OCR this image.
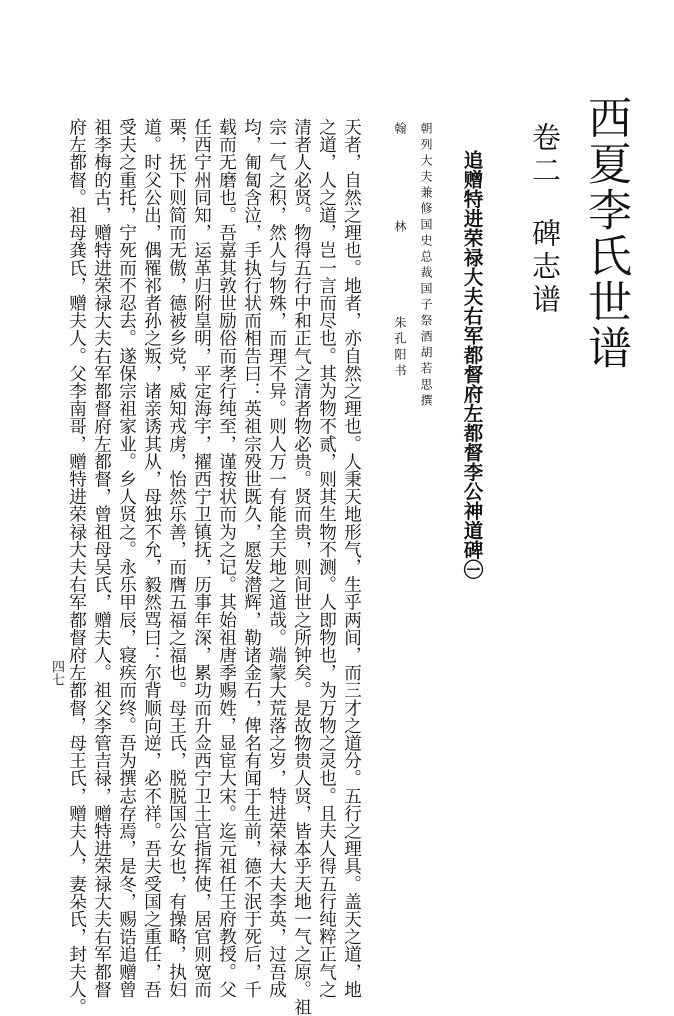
西夏李氏世谱
卷二碑志谱
追赠特进荣禄大夫右军都督府左都督李公神道碑㊀
朝列大夫兼修国史总裁国子祭酒胡若思撰
翰林朱孔阳书
天者，自然之理也。地者，亦自然之理也。人秉天地形气，生乎两间，而三才之道分。五行之理具。盖天之道，地
之道，人之道，岂一言而尽也。其为物不贰，则其生物不测。人即物也，为万物之灵也。且夫人得五行纯粹正气之
清者人必贤。物得五行中和正气之清者物必贵。贤而贵，则间世之所钟矣。是故物贵人贤，皆本乎天地一气之原。祖
宗一气之积，然人与物殊，而理不异。则人万一有能全天地之道哉。端蒙大荒落之岁，特进荣禄大夫李英，过吾成
均，匍匐含泣，手执行状而相告曰：英祖宗殁世既久，愿发潜辉，勒诸金石，俾名有闻于生前，德不泯于死后，千
载而无磨也。吾嘉其敦世励俗而孝行纯至，谨按状而为之记。其始祖唐季赐姓，显宦大宋。迄元祖任王府教授。父
任西宁州同知，运革归附皇明，平定海宇，擢西宁卫镇抚，历事年深，累功而升佥西宁卫土官指挥使，居官则宽而
栗，抚下则简而无傲，德被乡党，威知戎虏，怡然乐善，而膺五福之福也。母王氏，脱脱国公女也，有操略，执妇
道。时父公出，偶罹祁者孙之叛，诸亲诱其从，母独不允，毅然骂曰：尔背顺向逆，必不祥。吾夫受国之重任，吾
受夫之重托，宁死而不忍去。遂保宗祖家业。乡人贤之。永乐甲辰，寝疾而终。吾为撰志存焉，是冬，赐诰追赠曾
祖李梅的古，赠特进荣禄大夫右军都督府左都督，曾祖母吴氏，赠夫人。祖父李管吉禄，赠特进荣禄大夫右军都督
府左都督。祖母龚氏，赠夫人。父李南哥，赠特进荣禄大夫右军都督府左都督，母王氏，赠夫人，妻朵氏，封夫人。
四七
